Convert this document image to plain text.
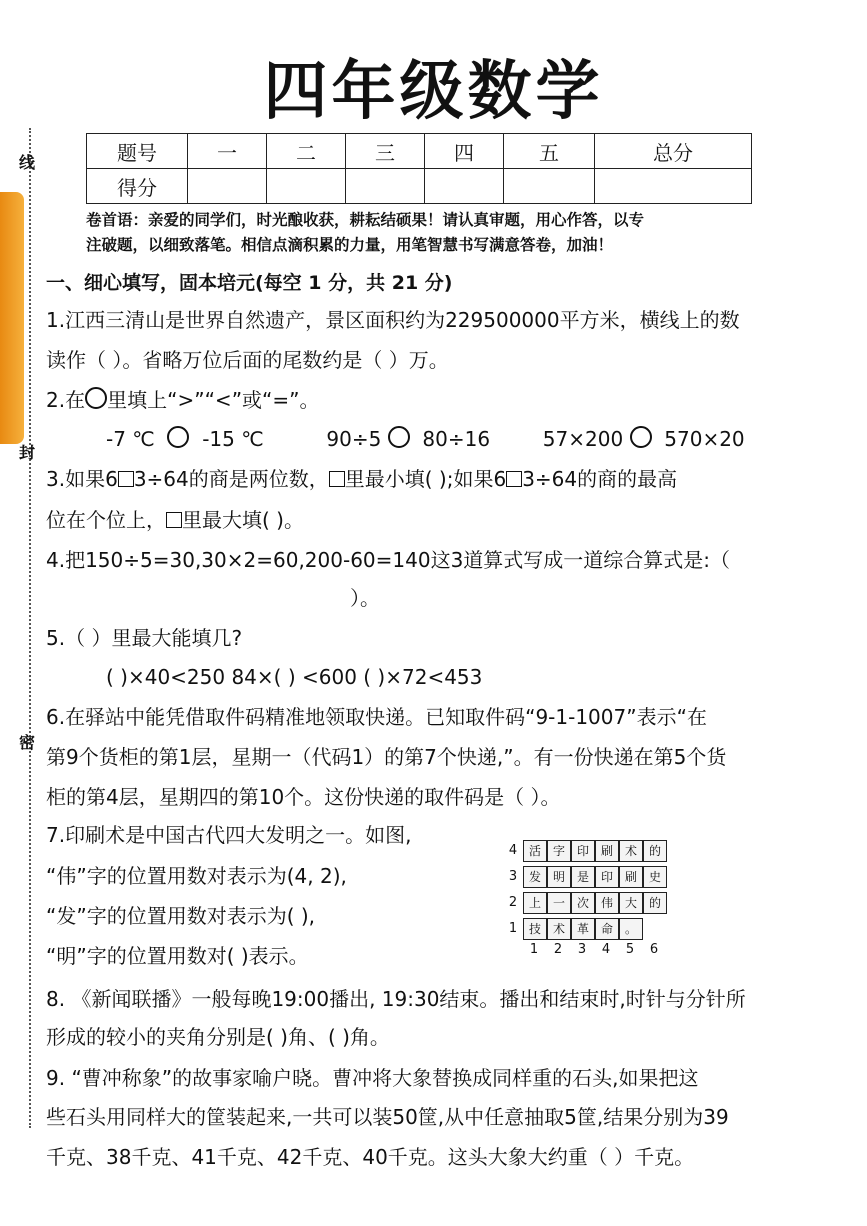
线
封
密
四年级数学
题号	一	二	三	四	五	总分
得分						
卷首语：亲爱的同学们，时光酿收获，耕耘结硕果！请认真审题，用心作答，以专
注破题，以细致落笔。相信点滴积累的力量，用笔智慧书写满意答卷，加油！
一、细心填写，固本培元(每空 1 分，共 21 分)
1.江西三清山是世界自然遗产，景区面积约为229500000平方米，横线上的数
读作（ ）。省略万位后面的尾数约是（ ）万。
2.在 里填上“>”“<”或“=”。
-7 ℃ -15 ℃	90÷5 80÷16	57×200 570×20
3.如果6 3÷64的商是两位数， 里最小填( );如果6 3÷64的商的最高
位在个位上， 里最大填( )。
4.把150÷5=30,30×2=60,200-60=140这3道算式写成一道综合算式是:（
）。
5.（ ）里最大能填几?
( )×40<250 84×( ) <600 ( )×72<453
6.在驿站中能凭借取件码精准地领取快递。已知取件码“9-1-1007”表示“在
第9个货柜的第1层，星期一（代码1）的第7个快递,”。有一份快递在第5个货
柜的第4层，星期四的第10个。这份快递的取件码是（ ）。
7.印刷术是中国古代四大发明之一。如图,
“伟”字的位置用数对表示为(4, 2),
“发”字的位置用数对表示为( ),
“明”字的位置用数对( )表示。
4 活 字 印 刷 术 的
3 发 明 是 印 刷 史
2 上 一 次 伟 大 的
1 技 术 革 命 。
1	2	3	4	5	6
8. 《新闻联播》一般每晚19:00播出, 19:30结束。播出和结束时,时针与分针所
形成的较小的夹角分别是( )角、( )角。
9. “曹冲称象”的故事家喻户晓。曹冲将大象替换成同样重的石头,如果把这
些石头用同样大的筐装起来,一共可以装50筐,从中任意抽取5筐,结果分别为39
千克、38千克、41千克、42千克、40千克。这头大象大约重（ ）千克。
